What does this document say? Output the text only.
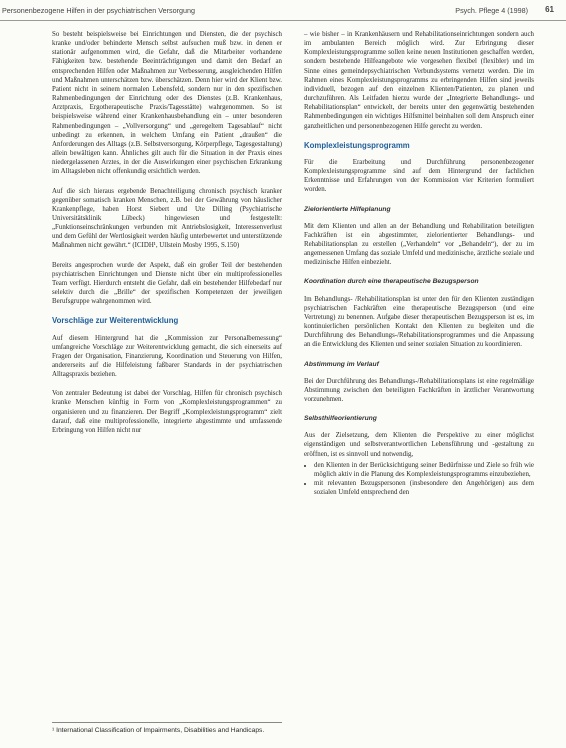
Personenbezogene Hilfen in der psychiatrischen Versorgung	Psych. Pflege 4 (1998) 61

So besteht beispielsweise bei Einrichtungen und Diensten, die der psychisch kranke und/oder behinderte Mensch selbst aufsuchen muß bzw. in denen er stationär aufgenommen wird, die Gefahr, daß die Mitarbeiter vorhandene Fähigkeiten bzw. bestehende Beeinträchtigungen und damit den Bedarf an entsprechenden Hilfen oder Maßnahmen zur Verbesserung, ausgleichenden Hilfen und Maßnahmen unterschätzen bzw. überschätzen. Denn hier wird der Klient bzw. Patient nicht in seinem normalen Lebensfeld, sondern nur in den spezifischen Rahmenbedingungen der Einrichtung oder des Dienstes (z.B. Krankenhaus, Arztpraxis, Ergotherapeutische Praxis/Tagesstätte) wahrgenommen. So ist beispielsweise während einer Krankenhausbehandlung ein – unter besonderen Rahmenbedingungen – „Vollversorgung“ und „geregeltem Tagesablauf“ nicht unbedingt zu erkennen, in welchem Umfang ein Patient „draußen“ die Anforderungen des Alltags (z.B. Selbstversorgung, Körperpflege, Tagesgestaltung) allein bewältigen kann. Ähnliches gilt auch für die Situation in der Praxis eines niedergelassenen Arztes, in der die Auswirkungen einer psychischen Erkrankung im Alltagsleben nicht offenkundig ersichtlich werden.

Auf die sich hieraus ergebende Benachteiligung chronisch psychisch kranker gegenüber somatisch kranken Menschen, z.B. bei der Gewährung von häuslicher Krankenpflege, haben Horst Siebert und Ute Dilling (Psychiatrische Universitätsklinik Lübeck) hingewiesen und festgestellt: „Funktionseinschränkungen verbunden mit Antriebslosigkeit, Interessenverlust und dem Gefühl der Wertlosigkeit werden häufig unterbewertet und unterstützende Maßnahmen nicht gewährt.“ (ICIDH¹, Ullstein Mosby 1995, S.150)

Bereits angesprochen wurde der Aspekt, daß ein großer Teil der bestehenden psychiatrischen Einrichtungen und Dienste nicht über ein multiprofessionelles Team verfügt. Hierdurch entsteht die Gefahr, daß ein bestehender Hilfebedarf nur selektiv durch die „Brille“ der spezifischen Kompetenzen der jeweiligen Berufsgruppe wahrgenommen wird.

Vorschläge zur Weiterentwicklung

Auf diesem Hintergrund hat die „Kommission zur Personalbemessung“ umfangreiche Vorschläge zur Weiterentwicklung gemacht, die sich einerseits auf Fragen der Organisation, Finanzierung, Koordination und Steuerung von Hilfen, andererseits auf die Hilfeleistung faßbarer Standards in der psychiatrischen Alltagspraxis beziehen.

Von zentraler Bedeutung ist dabei der Vorschlag, Hilfen für chronisch psychisch kranke Menschen künftig in Form von „Komplexleistungsprogrammen“ zu organisieren und zu finanzieren. Der Begriff „Komplexleistungsprogramm“ zielt darauf, daß eine multiprofessionelle, integrierte abgestimmte und umfassende Erbringung von Hilfen nicht nur

¹ International Classification of Impairments, Disabilities and Handicaps.

– wie bisher – in Krankenhäusern und Rehabilitationseinrichtungen sondern auch im ambulanten Bereich möglich wird. Zur Erbringung dieser Komplexleistungsprogramme sollen keine neuen Institutionen geschaffen werden, sondern bestehende Hilfeangebote wie vorgesehen flexibel (flexibler) und im Sinne eines gemeindepsychiatrischen Verbundsystems vernetzt werden. Die im Rahmen eines Komplexleistungsprogramms zu erbringenden Hilfen sind jeweils individuell, bezogen auf den einzelnen Klienten/Patienten, zu planen und durchzuführen. Als Leitfaden hierzu wurde der „Integrierte Behandlungs- und Rehabilitationsplan“ entwickelt, der bereits unter den gegenwärtig bestehenden Rahmenbedingungen ein wichtiges Hilfsmittel beinhalten soll dem Anspruch einer ganzheitlichen und personenbezogenen Hilfe gerecht zu werden.

Komplexleistungsprogramm

Für die Erarbeitung und Durchführung personenbezogener Komplexleistungsprogramme sind auf dem Hintergrund der fachlichen Erkenntnisse und Erfahrungen von der Kommission vier Kriterien formuliert worden.

Zielorientierte Hilfeplanung

Mit dem Klienten und allen an der Behandlung und Rehabilitation beteiligten Fachkräften ist ein abgestimmter, zielorientierter Behandlungs- und Rehabilitationsplan zu erstellen („Verhandeln“ vor „Behandeln“), der zu im angemessenen Umfang das soziale Umfeld und medizinische, ärztliche soziale und medizinische Hilfen einbezieht.

Koordination durch eine therapeutische Bezugsperson

Im Behandlungs- /Rehabilitationsplan ist unter den für den Klienten zuständigen psychiatrischen Fachkräften eine therapeutische Bezugsperson (und eine Vertretung) zu benennen. Aufgabe dieser therapeutischen Bezugsperson ist es, im kontinuierlichen persönlichen Kontakt den Klienten zu begleiten und die Durchführung des Behandlungs-/Rehabilitationsprogrammes und die Anpassung an die Entwicklung des Klienten und seiner sozialen Situation zu koordinieren.

Abstimmung im Verlauf

Bei der Durchführung des Behandlungs-/Rehabilitationsplans ist eine regelmäßige Abstimmung zwischen den beteiligten Fachkräften in ärztlicher Verantwortung vorzunehmen.

Selbsthilfeorientierung

Aus der Zielsetzung, dem Klienten die Perspektive zu einer möglichst eigenständigen und selbstverantwortlichen Lebensführung und -gestaltung zu eröffnen, ist es sinnvoll und notwendig,

• den Klienten in der Berücksichtigung seiner Bedürfnisse und Ziele so früh wie möglich aktiv in die Planung des Komplexleistungsprogramms einzubeziehen,
• mit relevanten Bezugspersonen (insbesondere den Angehörigen) aus dem sozialen Umfeld entsprechend den
